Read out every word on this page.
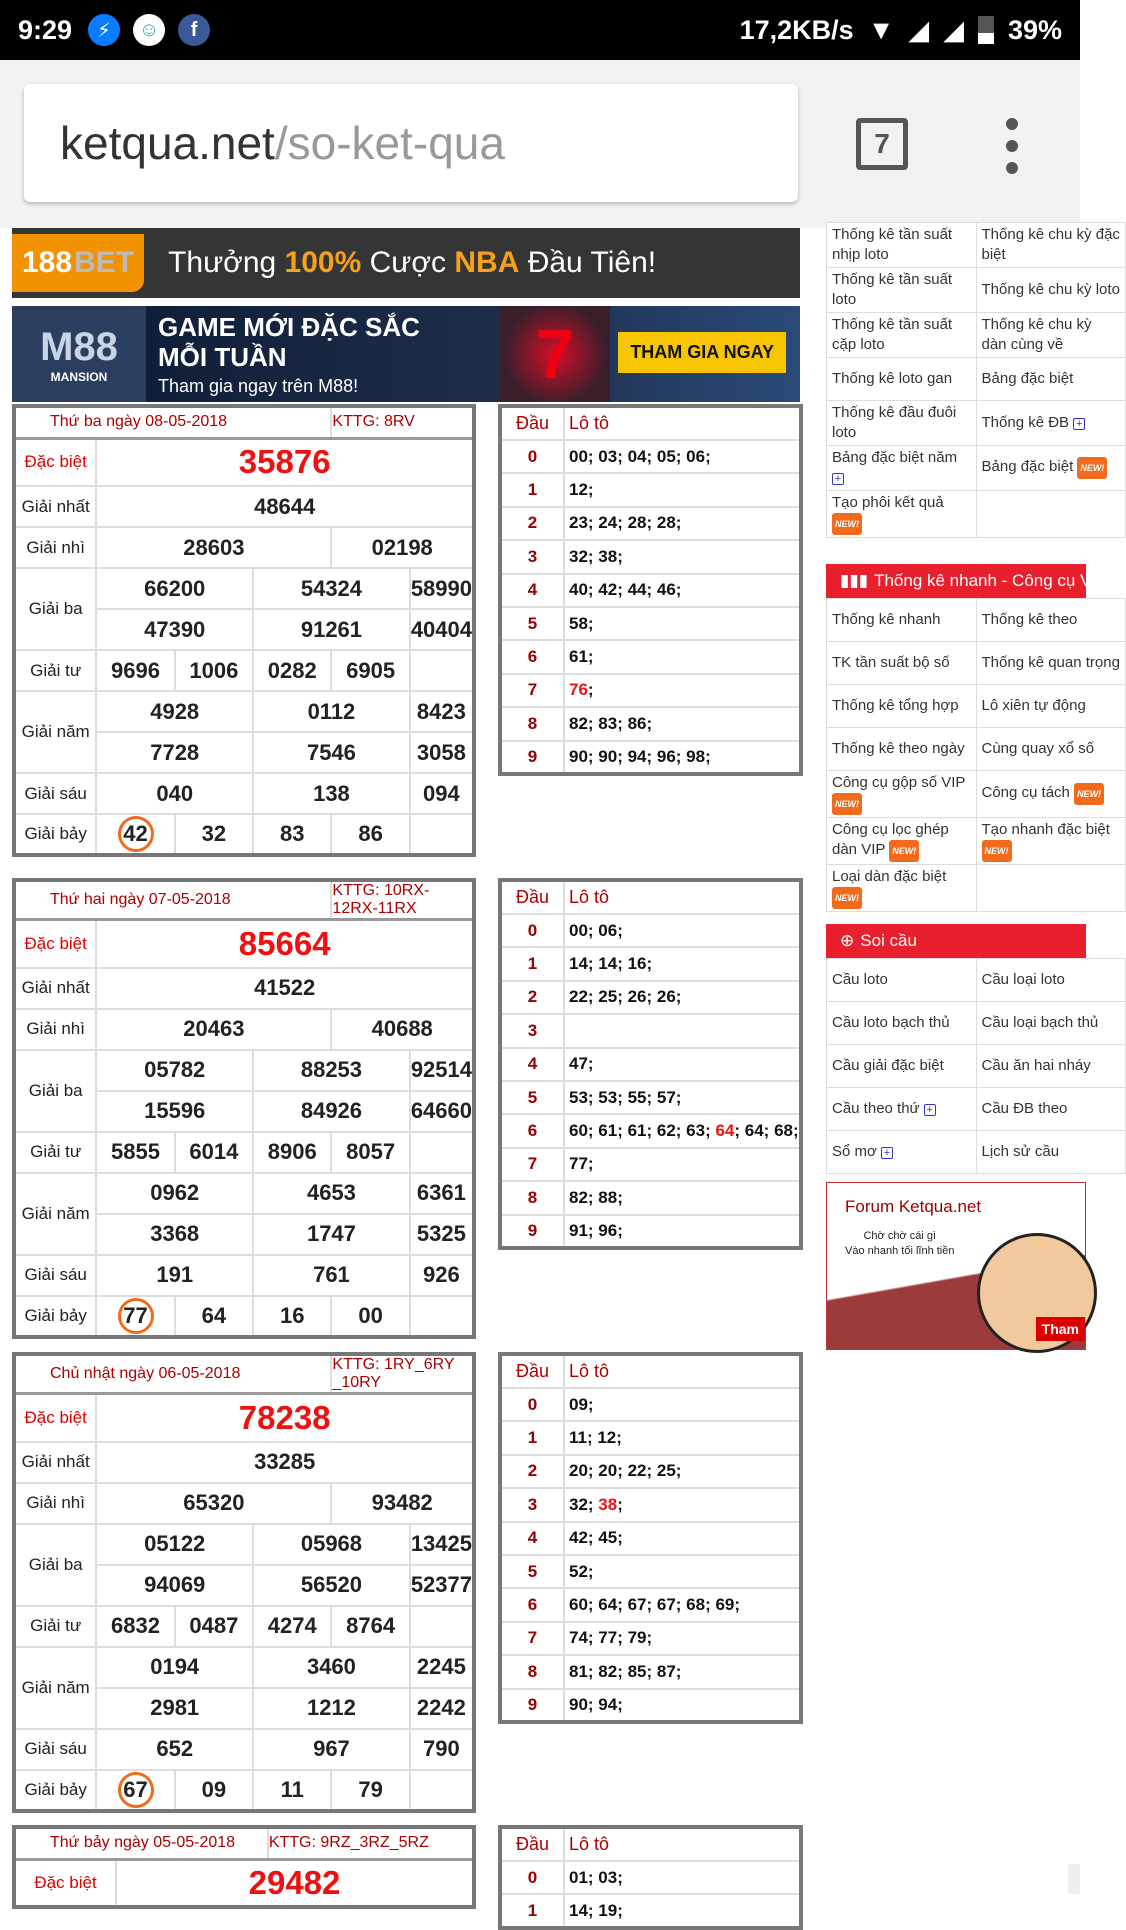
9:29	⚡	☺	f	17,2KB/s ▼ ◢ ◢ 39%
ketqua.net /so-ket-qua	7
188 BET Thưởng 100% Cược NBA Đầu Tiên!
M88
MANSION
GAME MỚI ĐẶC SẮC
MỖI TUẦN
Tham gia ngay trên M88!	7	THAM GIA NGAY
Thứ ba ngày 08-05-2018				KTTG: 8RV	
Đặc biệt	35876				
Giải nhất	48644				
Giải nhì	28603			02198	
Giải ba	66200		54324		58990
	47390		91261		40404
Giải tư	9696	1006	0282	6905
Giải năm	4928		0112		8423
	7728		7546		3058
Giải sáu	040		138		094
Giải bảy	42	32	83	86
Đầu	Lô tô
0	00; 03; 04; 05; 06;
1	12;
2	23; 24; 28; 28;
3	32; 38;
4	40; 42; 44; 46;
5	58;
6	61;
7	76;
8	82; 83; 86;
9	90; 90; 94; 96; 98;
Thứ hai ngày 07-05-2018				KTTG: 10RX-12RX-11RX	
Đặc biệt	85664				
Giải nhất	41522				
Giải nhì	20463			40688	
Giải ba	05782		88253		92514
	15596		84926		64660
Giải tư	5855	6014	8906	8057
Giải năm	0962		4653		6361
	3368		1747		5325
Giải sáu	191		761		926
Giải bảy	77	64	16	00
Đầu	Lô tô
0	00; 06;
1	14; 14; 16;
2	22; 25; 26; 26;
3	
4	47;
5	53; 53; 55; 57;
6	60; 61; 61; 62; 63; 64; 64; 68;
7	77;
8	82; 88;
9	91; 96;
Chủ nhật ngày 06-05-2018				KTTG: 1RY_6RY _10RY	
Đặc biệt	78238				
Giải nhất	33285				
Giải nhì	65320			93482	
Giải ba	05122		05968		13425
	94069		56520		52377
Giải tư	6832	0487	4274	8764
Giải năm	0194		3460		2245
	2981		1212		2242
Giải sáu	652		967		790
Giải bảy	67	09	11	79
Đầu	Lô tô
0	09;
1	11; 12;
2	20; 20; 22; 25;
3	32; 38;
4	42; 45;
5	52;
6	60; 64; 67; 67; 68; 69;
7	74; 77; 79;
8	81; 82; 85; 87;
9	90; 94;
Thứ bảy ngày 05-05-2018		KTTG: 9RZ_3RZ_5RZ
Đặc biệt	29482	
Đầu	Lô tô
0	01; 03;
1	14; 19;
Thống kê tần suất nhịp loto	Thống kê chu kỳ đặc biệt
Thống kê tần suất loto	Thống kê chu kỳ loto
Thống kê tần suất cặp loto	Thống kê chu kỳ dàn cùng về
Thống kê loto gan	Bảng đặc biệt
Thống kê đầu đuôi loto	Thống kê ĐB +
Bảng đặc biệt năm +	Bảng đặc biệt NEW!
Tạo phôi kết quả NEW!	
▮▮▮ Thống kê nhanh - Công cụ VIP
Thống kê nhanh	Thống kê theo
TK tần suất bộ số	Thống kê quan trọng
Thống kê tổng hợp	Lô xiên tự động
Thống kê theo ngày	Cùng quay xổ số
Công cụ gộp số VIP NEW!	Công cụ tách NEW!
Công cụ lọc ghép dàn VIP NEW!	Tạo nhanh đặc biệt NEW!
Loại dàn đặc biệt NEW!	
⊕ Soi cầu
Cầu loto	Cầu loại loto
Cầu loto bạch thủ	Cầu loại bạch thủ
Cầu giải đặc biệt	Cầu ăn hai nháy
Cầu theo thứ +	Cầu ĐB theo
Sổ mơ +	Lịch sử cầu
Forum Ketqua.net
Chờ chờ cái gì
Vào nhanh tối lĩnh tiền
Tham
